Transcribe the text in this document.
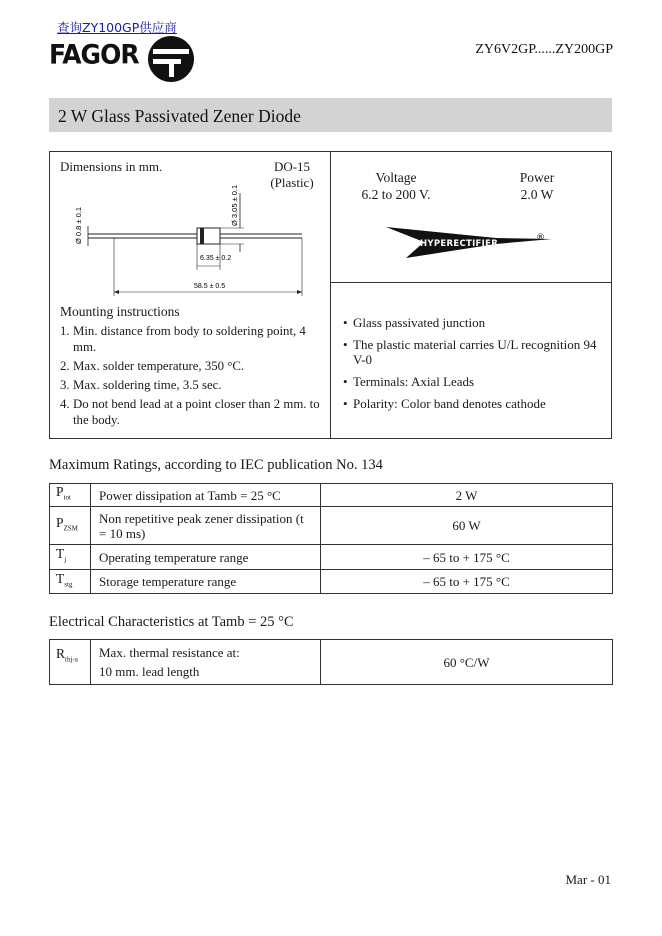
查询ZY100GP供应商
FAGOR	ZY6V2GP......ZY200GP
2 W Glass Passivated Zener Diode
Dimensions in mm.	DO-15
(Plastic)
Ø 0.8 ± 0.1	Ø 3.05 ± 0.1
6.35 ± 0.2
58.5 ± 0.5
Mounting instructions
1. Min. distance from body to soldering point, 4 mm.
2. Max. solder temperature, 350 °C.
3. Max. soldering time, 3.5 sec.
4. Do not bend lead at a point closer than 2 mm. to the body.
Voltage
6.2 to 200 V.
Power
2.0 W
HYPERECTIFIER
®
• Glass passivated junction
• The plastic material carries U/L recognition 94 V-0
• Terminals: Axial Leads
• Polarity: Color band denotes cathode
Maximum Ratings, according to IEC publication No. 134
$P_{tot}$	Power dissipation at Tamb = 25 °C	2 W
$P_{ZSM}$	Non repetitive peak zener dissipation (t = 10 ms)	60 W
$T_j$	Operating temperature range	– 65 to + 175 °C
$T_{stg}$	Storage temperature range	– 65 to + 175 °C
Electrical Characteristics at Tamb = 25 °C
$R_{thj-a}$	Max. thermal resistance at:
10 mm. lead length
	60 °C/W
Mar - 01
